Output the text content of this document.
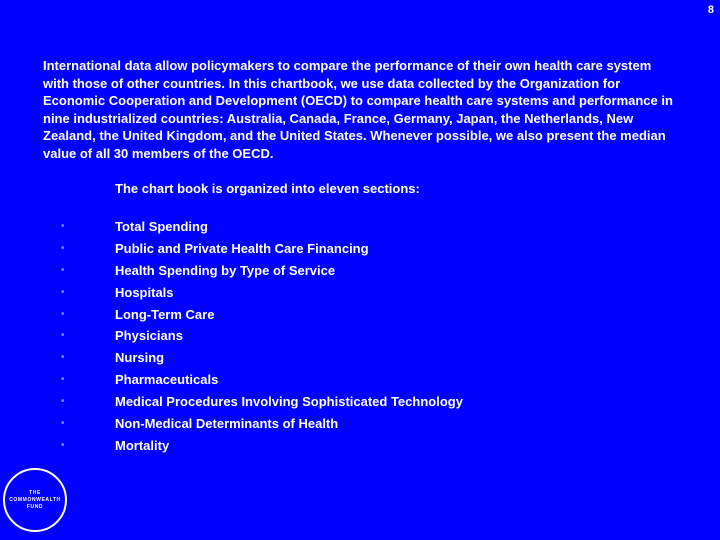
8

International data allow policymakers to compare the performance of their own health care system with those of other countries. In this chartbook, we use data collected by the Organization for Economic Cooperation and Development (OECD) to compare health care systems and performance in nine industrialized countries: Australia, Canada, France, Germany, Japan, the Netherlands, New Zealand, the United Kingdom, and the United States. Whenever possible, we also present the median value of all 30 members of the OECD.

The chart book is organized into eleven sections:
•	Total Spending
•	Public and Private Health Care Financing
•	Health Spending by Type of Service
•	Hospitals
•	Long-Term Care
•	Physicians
•	Nursing
•	Pharmaceuticals
•	Medical Procedures Involving Sophisticated Technology
•	Non-Medical Determinants of Health
•	Mortality
THE
COMMONWEALTH
FUND
